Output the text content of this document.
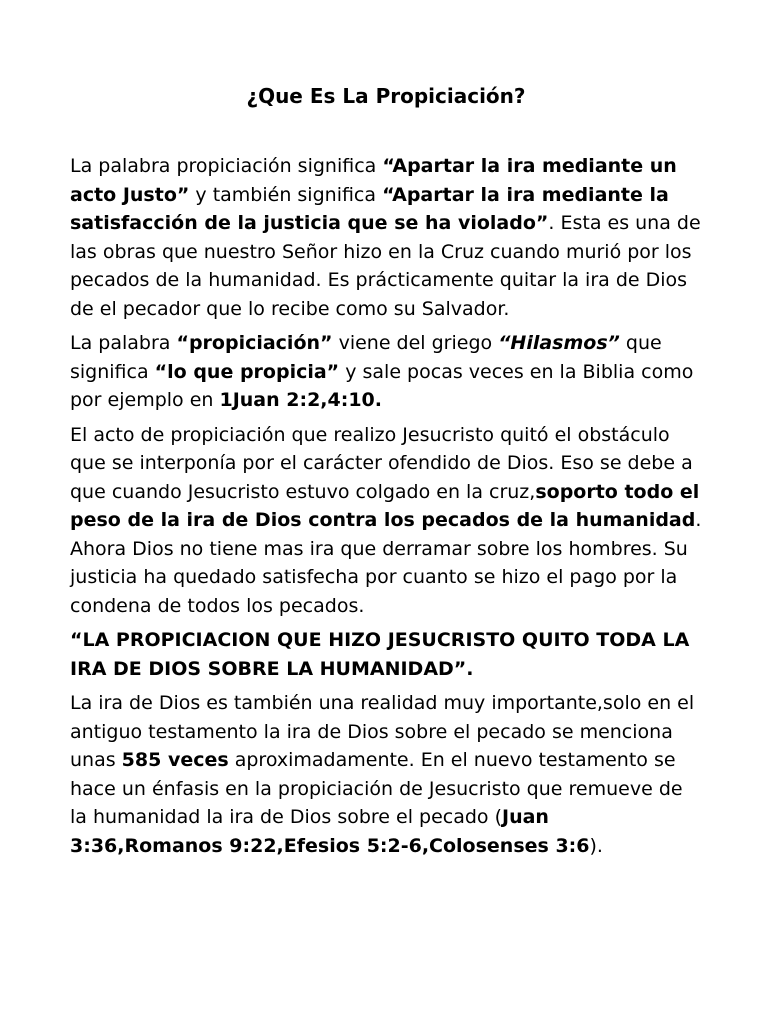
¿Que Es La Propiciación?

La palabra propiciación significa “Apartar la ira mediante un acto Justo” y también significa “Apartar la ira mediante la satisfacción de la justicia que se ha violado”. Esta es una de las obras que nuestro Señor hizo en la Cruz cuando murió por los pecados de la humanidad. Es prácticamente quitar la ira de Dios de el pecador que lo recibe como su Salvador.

La palabra “propiciación” viene del griego “Hilasmos” que significa “lo que propicia” y sale pocas veces en la Biblia como por ejemplo en 1Juan 2:2,4:10.

El acto de propiciación que realizo Jesucristo quitó el obstáculo que se interponía por el carácter ofendido de Dios. Eso se debe a que cuando Jesucristo estuvo colgado en la cruz,soporto todo el peso de la ira de Dios contra los pecados de la humanidad. Ahora Dios no tiene mas ira que derramar sobre los hombres. Su justicia ha quedado satisfecha por cuanto se hizo el pago por la condena de todos los pecados.

“LA PROPICIACION QUE HIZO JESUCRISTO QUITO TODA LA IRA DE DIOS SOBRE LA HUMANIDAD”.

La ira de Dios es también una realidad muy importante,solo en el antiguo testamento la ira de Dios sobre el pecado se menciona unas 585 veces aproximadamente. En el nuevo testamento se hace un énfasis en la propiciación de Jesucristo que remueve de la humanidad la ira de Dios sobre el pecado (Juan 3:36,Romanos 9:22,Efesios 5:2-6,Colosenses 3:6).
